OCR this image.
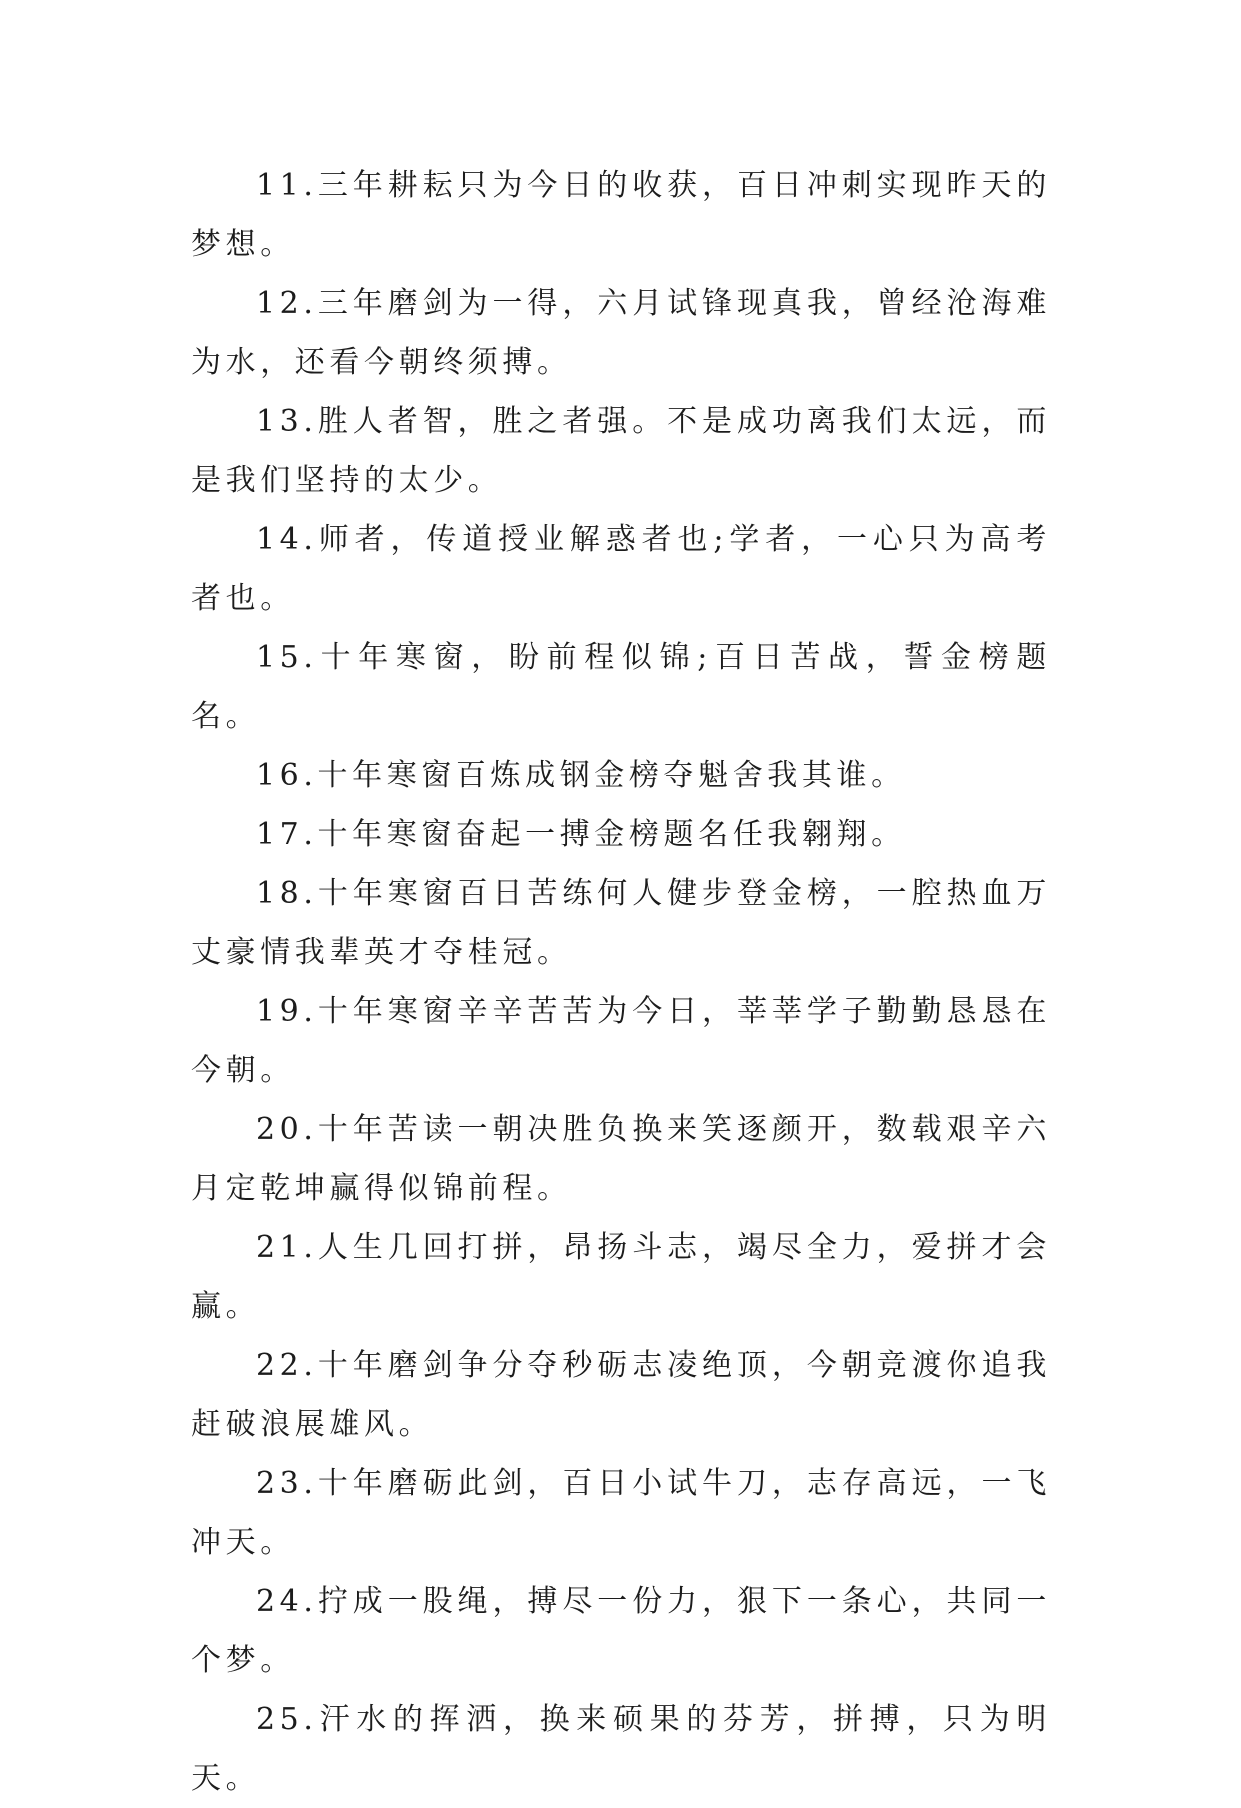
11.三年耕耘只为今日的收获，百日冲刺实现昨天的梦想。

12.三年磨剑为一得，六月试锋现真我，曾经沧海难为水，还看今朝终须搏。

13.胜人者智，胜之者强。不是成功离我们太远，而是我们坚持的太少。

14.师者，传道授业解惑者也;学者，一心只为高考者也。

15.十年寒窗，盼前程似锦;百日苦战，誓金榜题名。

16.十年寒窗百炼成钢金榜夺魁舍我其谁。

17.十年寒窗奋起一搏金榜题名任我翱翔。

18.十年寒窗百日苦练何人健步登金榜，一腔热血万丈豪情我辈英才夺桂冠。

19.十年寒窗辛辛苦苦为今日，莘莘学子勤勤恳恳在今朝。

20.十年苦读一朝决胜负换来笑逐颜开，数载艰辛六月定乾坤赢得似锦前程。

21.人生几回打拼，昂扬斗志，竭尽全力，爱拼才会赢。

22.十年磨剑争分夺秒砺志凌绝顶，今朝竞渡你追我赶破浪展雄风。

23.十年磨砺此剑，百日小试牛刀，志存高远，一飞冲天。

24.拧成一股绳，搏尽一份力，狠下一条心，共同一个梦。

25.汗水的挥洒，换来硕果的芬芳，拼搏，只为明天。
